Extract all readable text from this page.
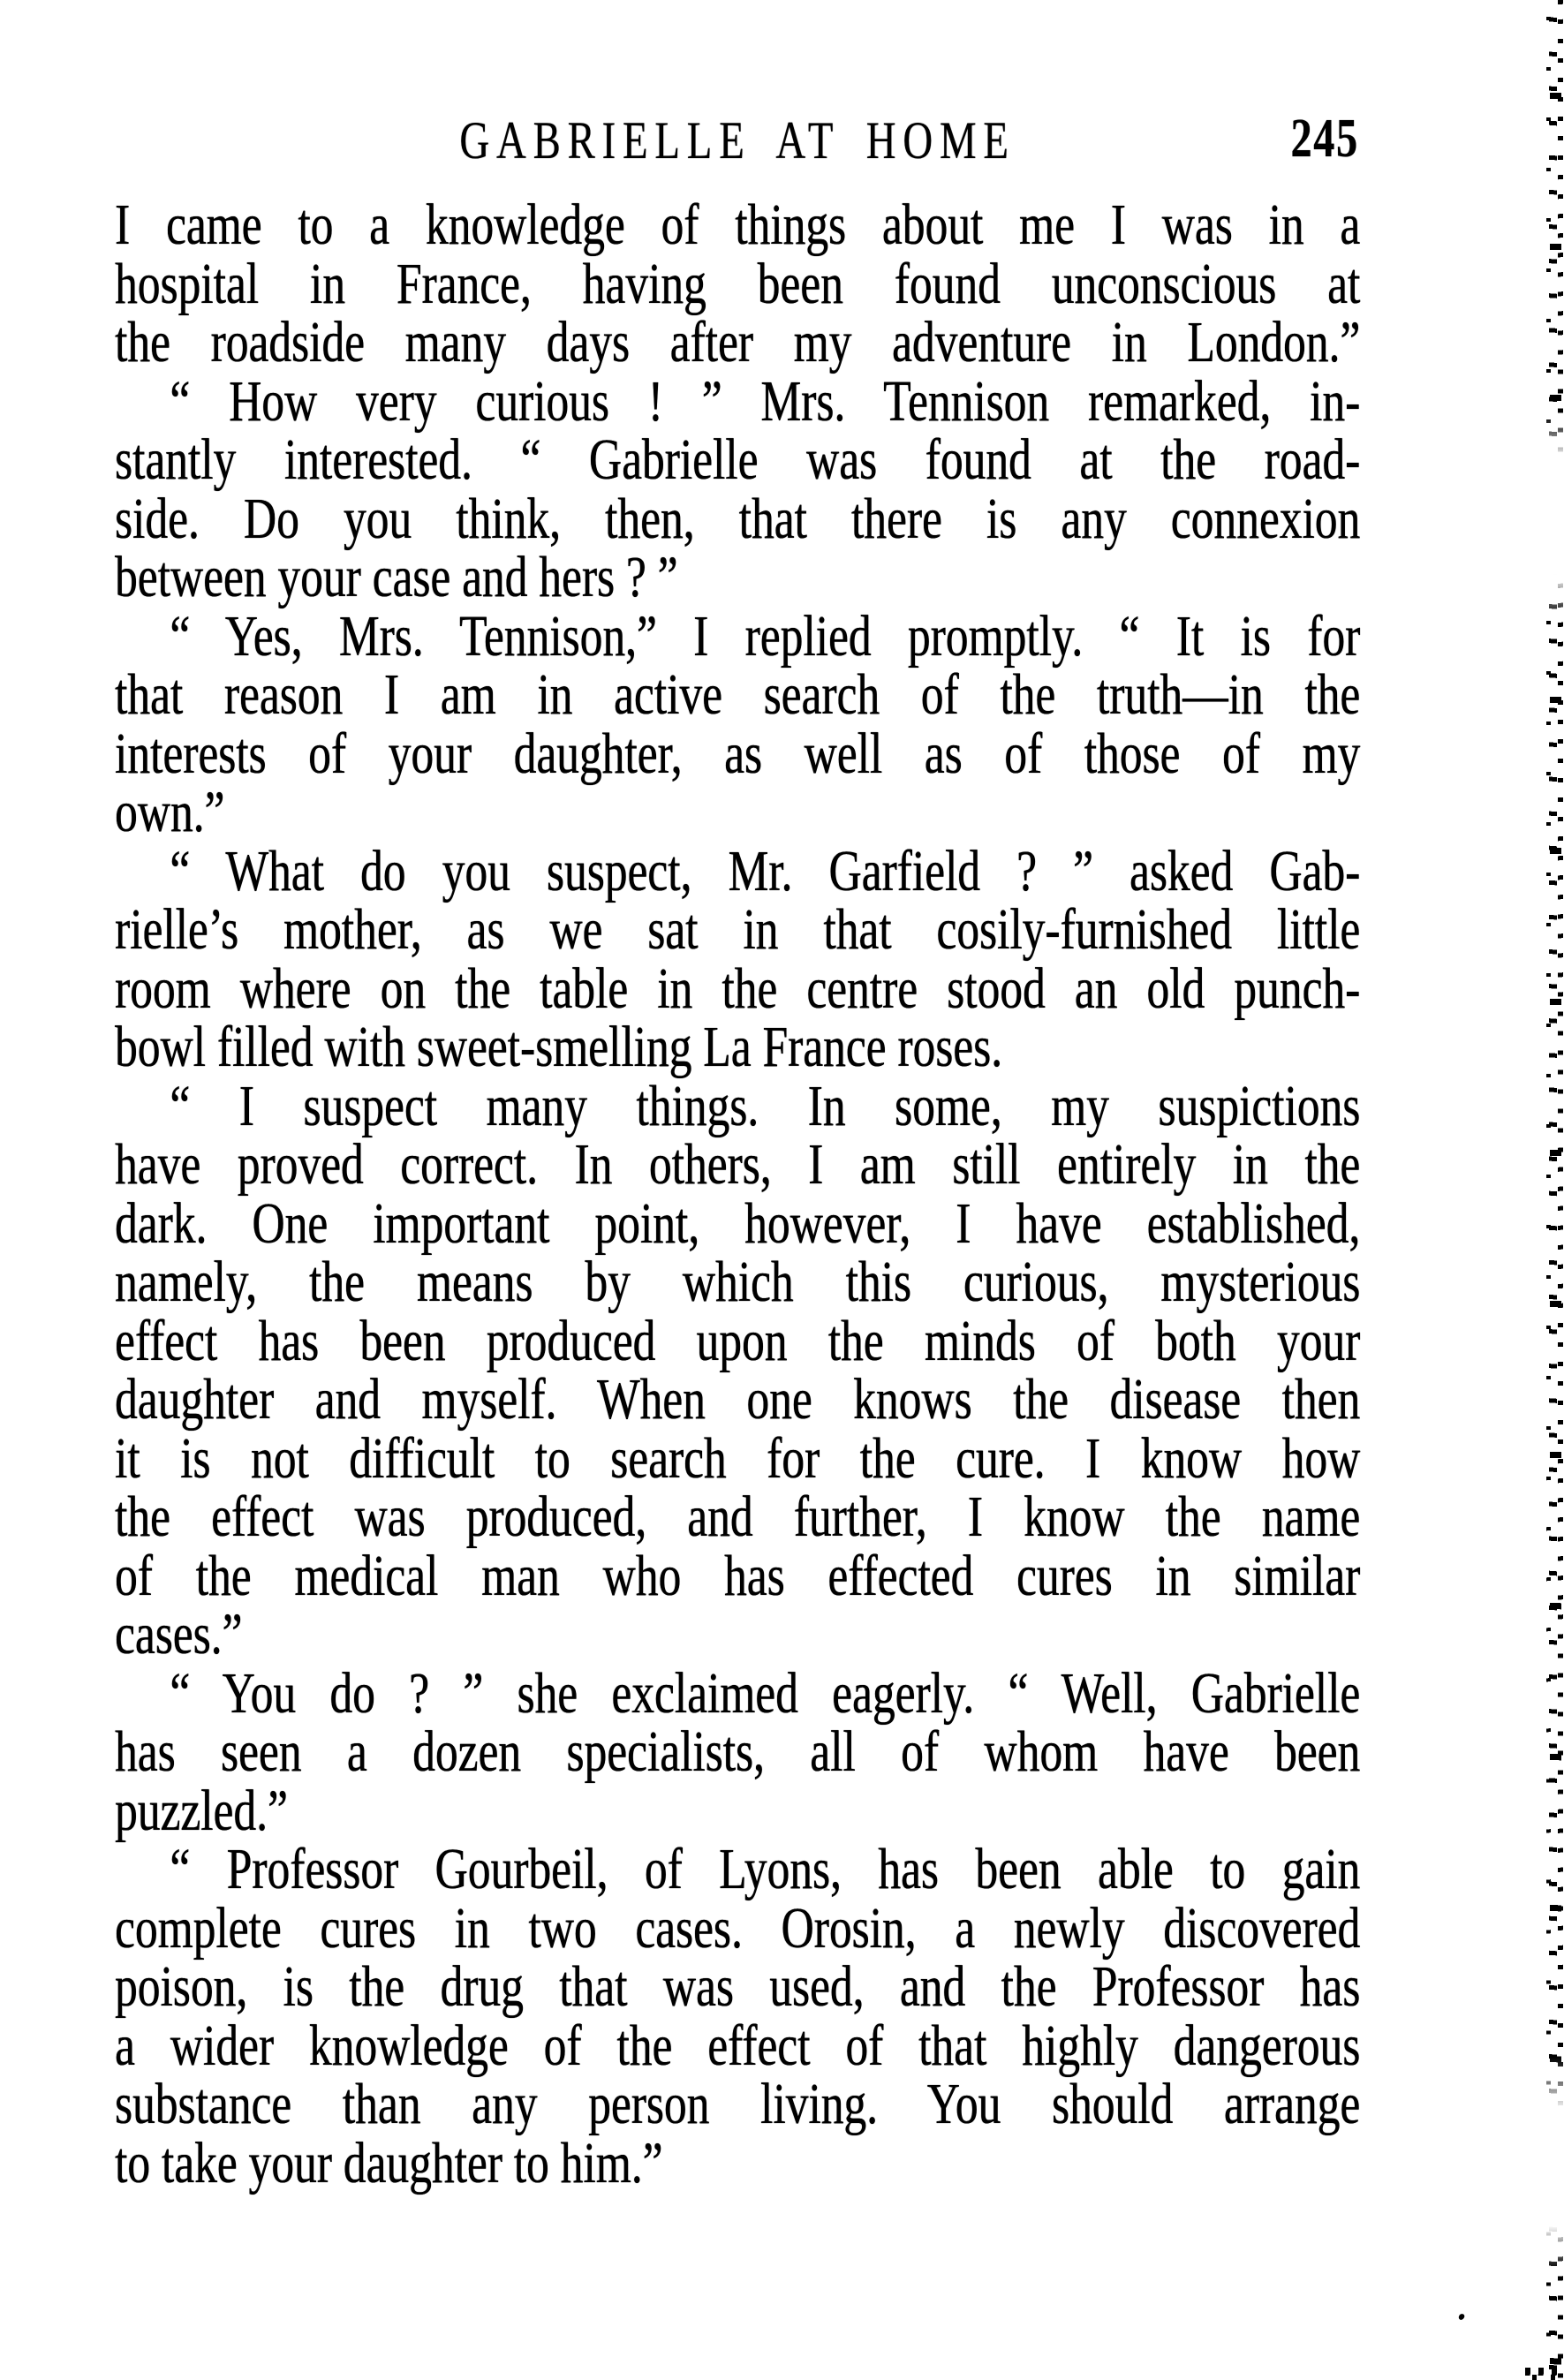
GABRIELLE AT HOME	245
I came to a knowledge of things about me I was in a
hospital in France, having been found unconscious at
the roadside many days after my adventure in London.”
“ How very curious ! ” Mrs. Tennison remarked, in-
stantly interested. “ Gabrielle was found at the road-
side. Do you think, then, that there is any connexion
between your case and hers ? ”
“ Yes, Mrs. Tennison,” I replied promptly. “ It is for
that reason I am in active search of the truth—in the
interests of your daughter, as well as of those of my
own.”
“ What do you suspect, Mr. Garfield ? ” asked Gab-
rielle’s mother, as we sat in that cosily-furnished little
room where on the table in the centre stood an old punch-
bowl filled with sweet-smelling La France roses.
“ I suspect many things. In some, my suspictions
have proved correct. In others, I am still entirely in the
dark. One important point, however, I have established,
namely, the means by which this curious, mysterious
effect has been produced upon the minds of both your
daughter and myself. When one knows the disease then
it is not difficult to search for the cure. I know how
the effect was produced, and further, I know the name
of the medical man who has effected cures in similar
cases.”
“ You do ? ” she exclaimed eagerly. “ Well, Gabrielle
has seen a dozen specialists, all of whom have been
puzzled.”
“ Professor Gourbeil, of Lyons, has been able to gain
complete cures in two cases. Orosin, a newly discovered
poison, is the drug that was used, and the Professor has
a wider knowledge of the effect of that highly dangerous
substance than any person living. You should arrange
to take your daughter to him.”
